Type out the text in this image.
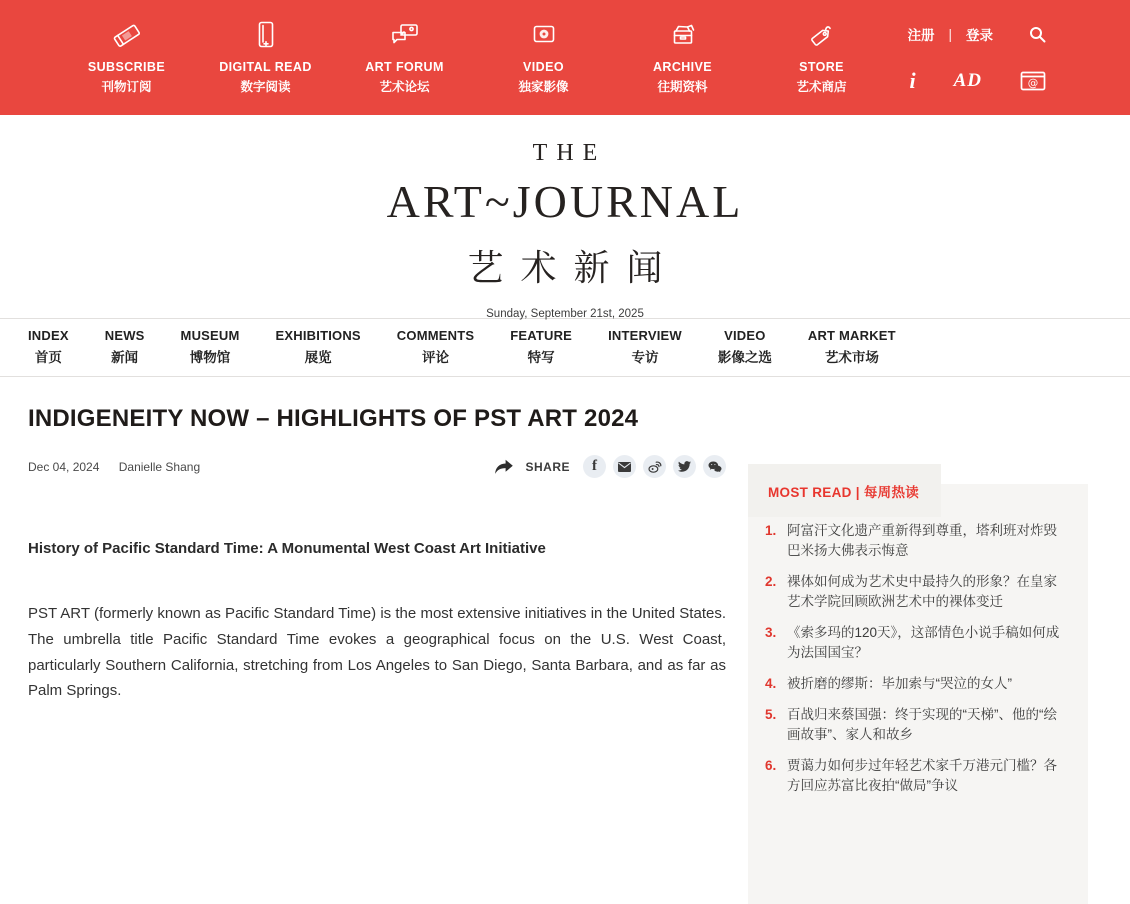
SUBSCRIBE
刊物订阅
DIGITAL READ
数字阅读
ART FORUM
艺术论坛
VIDEO
独家影像
ARCHIVE
往期资料
STORE
艺术商店
注册 | 登录
i AD	@
THE
ART~JOURNAL
艺术新闻
Sunday, September 21st, 2025
INDEX
首页
NEWS
新闻
MUSEUM
博物馆
EXHIBITIONS
展览
COMMENTS
评论
FEATURE
特写
INTERVIEW
专访
VIDEO
影像之选
ART MARKET
艺术市场
INDIGENEITY NOW – HIGHLIGHTS OF PST ART 2024
Dec 04, 2024 Danielle Shang	SHARE f
History of Pacific Standard Time: A Monumental West Coast Art Initiative

PST ART (formerly known as Pacific Standard Time) is the most extensive initiatives in the United States. The umbrella title Pacific Standard Time evokes a geographical focus on the U.S. West Coast, particularly Southern California, stretching from Los Angeles to San Diego, Santa Barbara, and as far as Palm Springs.

MOST READ | 每周热读
1. 阿富汗文化遗产重新得到尊重，塔利班对炸毁巴米扬大佛表示悔意
2. 裸体如何成为艺术史中最持久的形象？在皇家艺术学院回顾欧洲艺术中的裸体变迁
3. 《索多玛的120天》，这部情色小说手稿如何成为法国国宝？
4. 被折磨的缪斯：毕加索与“哭泣的女人”
5. 百战归来蔡国强：终于实现的“天梯”、他的“绘画故事”、家人和故乡
6. 贾蔼力如何步过年轻艺术家千万港元门槛？各方回应苏富比夜拍“做局”争议
